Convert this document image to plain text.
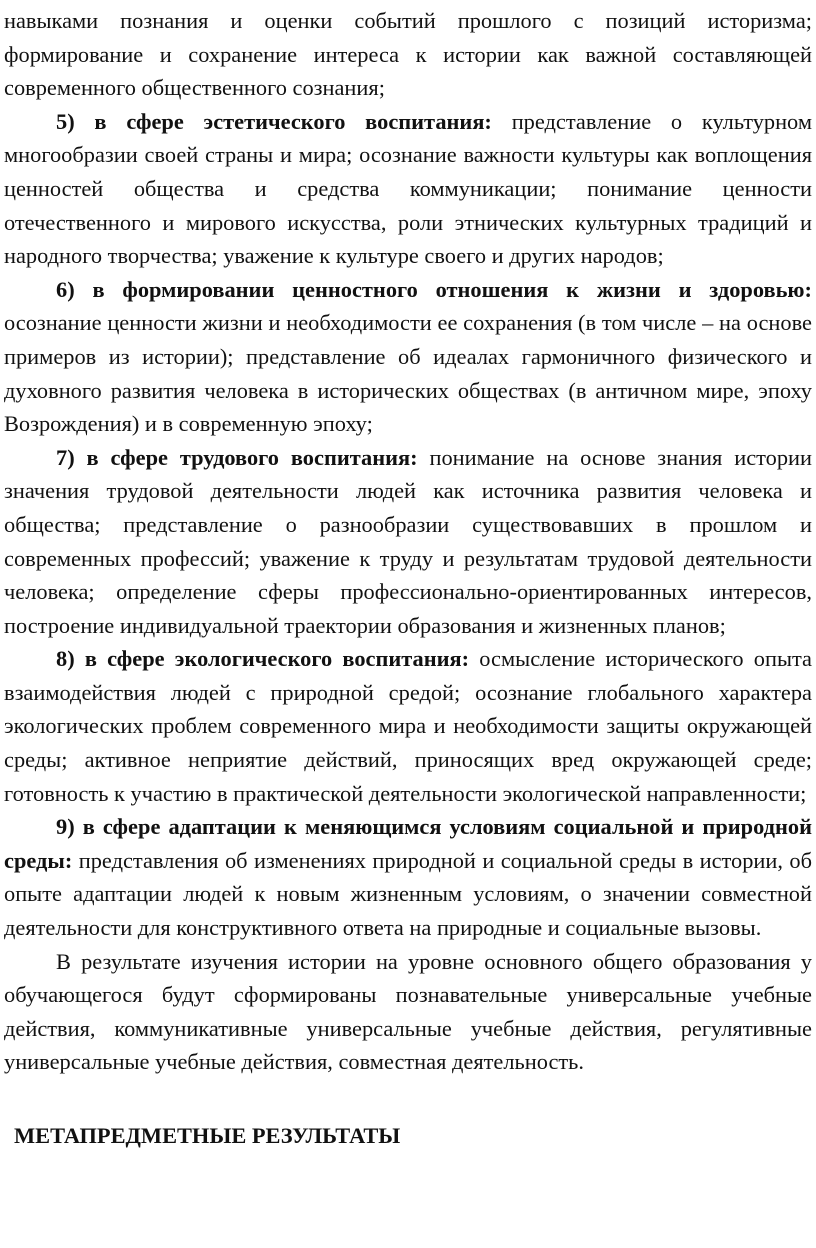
навыками познания и оценки событий прошлого с позиций историзма; формирование и сохранение интереса к истории как важной составляющей современного общественного сознания;

5) в сфере эстетического воспитания: представление о культурном многообразии своей страны и мира; осознание важности культуры как воплощения ценностей общества и средства коммуникации; понимание ценности отечественного и мирового искусства, роли этнических культурных традиций и народного творчества; уважение к культуре своего и других народов;

6) в формировании ценностного отношения к жизни и здоровью: осознание ценности жизни и необходимости ее сохранения (в том числе – на основе примеров из истории); представление об идеалах гармоничного физического и духовного развития человека в исторических обществах (в античном мире, эпоху Возрождения) и в современную эпоху;

7) в сфере трудового воспитания: понимание на основе знания истории значения трудовой деятельности людей как источника развития человека и общества; представление о разнообразии существовавших в прошлом и современных профессий; уважение к труду и результатам трудовой деятельности человека; определение сферы профессионально-ориентированных интересов, построение индивидуальной траектории образования и жизненных планов;

8) в сфере экологического воспитания: осмысление исторического опыта взаимодействия людей с природной средой; осознание глобального характера экологических проблем современного мира и необходимости защиты окружающей среды; активное неприятие действий, приносящих вред окружающей среде; готовность к участию в практической деятельности экологической направленности;

9) в сфере адаптации к меняющимся условиям социальной и природной среды: представления об изменениях природной и социальной среды в истории, об опыте адаптации людей к новым жизненным условиям, о значении совместной деятельности для конструктивного ответа на природные и социальные вызовы.

В результате изучения истории на уровне основного общего образования у обучающегося будут сформированы познавательные универсальные учебные действия, коммуникативные универсальные учебные действия, регулятивные универсальные учебные действия, совместная деятельность.

МЕТАПРЕДМЕТНЫЕ РЕЗУЛЬТАТЫ
